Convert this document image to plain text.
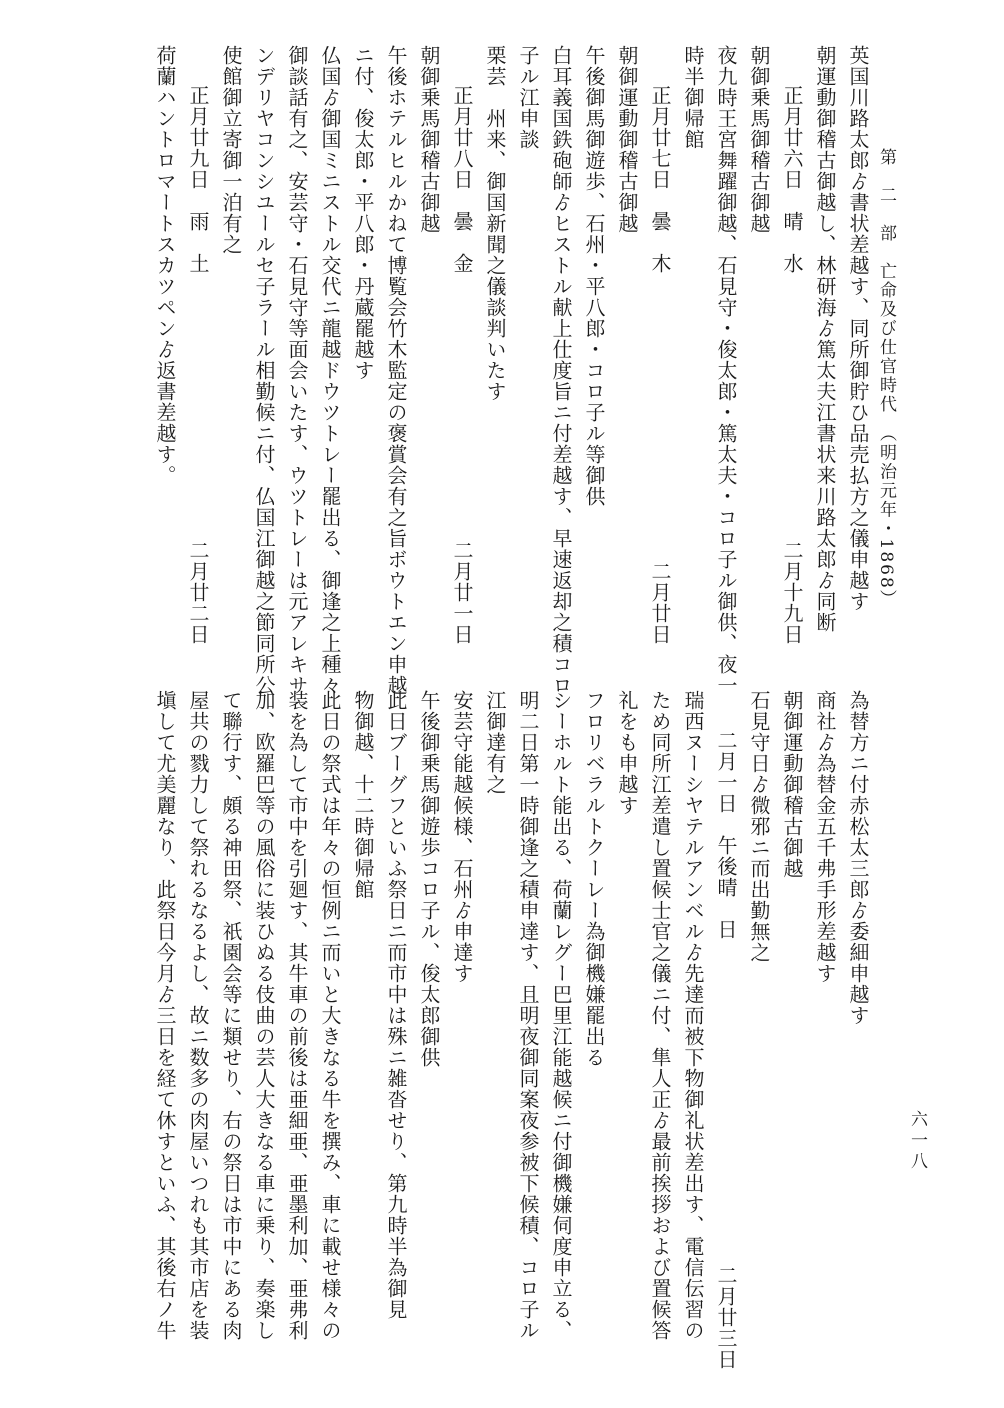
第　二　部　亡命及び仕官時代　（明治元年・1868）
六一八
英国川路太郎ゟ書状差越す、同所御貯ひ品売払方之儀申越す
朝運動御稽古御越し、林研海ゟ篤太夫江書状来川路太郎ゟ同断
正月廿六日　晴　水
二月十九日
朝御乗馬御稽古御越
夜九時王宮舞躍御越、石見守・俊太郎・篤太夫・コロ子ル御供、夜一
時半御帰館
正月廿七日　曇　木
二月廿日
朝御運動御稽古御越
午後御馬御遊歩、石州・平八郎・コロ子ル等御供
白耳義国鉄砲師ゟヒストル献上仕度旨ニ付差越す、早速返却之積コロ
子ル江申談
栗芸　州来、御国新聞之儀談判いたす
正月廿八日　曇　金
二月廿一日
朝御乗馬御稽古御越
午後ホテルヒルかねて博覧会竹木監定の褒賞会有之旨ボウトエン申越
ニ付、俊太郎・平八郎・丹蔵罷越す
仏国ゟ御国ミニストル交代ニ龍越ドウツトレー罷出る、御逢之上種々
御談話有之、安芸守・石見守等面会いたす、ウツトレーは元アレキサ
ンデリヤコンシユールセ子ラール相勤候ニ付、仏国江御越之節同所公
使館御立寄御一泊有之
正月廿九日　雨　土
二月廿二日
荷蘭ハントロマートスカツペンゟ返書差越す。
為替方ニ付赤松太三郎ゟ委細申越す
商社ゟ為替金五千弗手形差越す
朝御運動御稽古御越
石見守日ゟ微邪ニ而出勤無之
二月一日　午後晴　日
二月廿三日
瑞西ヌーシヤテルアンベルゟ先達而被下物御礼状差出す、電信伝習の
ため同所江差遣し置候士官之儀ニ付、隼人正ゟ最前挨拶および置候答
礼をも申越す
フロリベラルトクーレー為御機嫌罷出る
シーホルト能出る、荷蘭レグー巴里江能越候ニ付御機嫌伺度申立る、
明二日第一時御逢之積申達す、且明夜御同案夜参被下候積、コロ子ル
江御達有之
安芸守能越候様、石州ゟ申達す
午後御乗馬御遊歩コロ子ル、俊太郎御供
此日ブーグフといふ祭日ニ而市中は殊ニ雑沓せり、第九時半為御見
物御越、十二時御帰館
此日の祭式は年々の恒例ニ而いと大きなる牛を撰み、車に載せ様々の
装を為して市中を引廻す、其牛車の前後は亜細亜、亜墨利加、亜弗利
加、欧羅巴等の風俗に装ひぬる伎曲の芸人大きなる車に乗り、奏楽し
て聯行す、頗る神田祭、祇園会等に類せり、右の祭日は市中にある肉
屋共の戮力して祭れるなるよし、故ニ数多の肉屋いつれも其市店を装
塡して尤美麗なり、此祭日今月ゟ三日を経て休すといふ、其後右ノ牛
